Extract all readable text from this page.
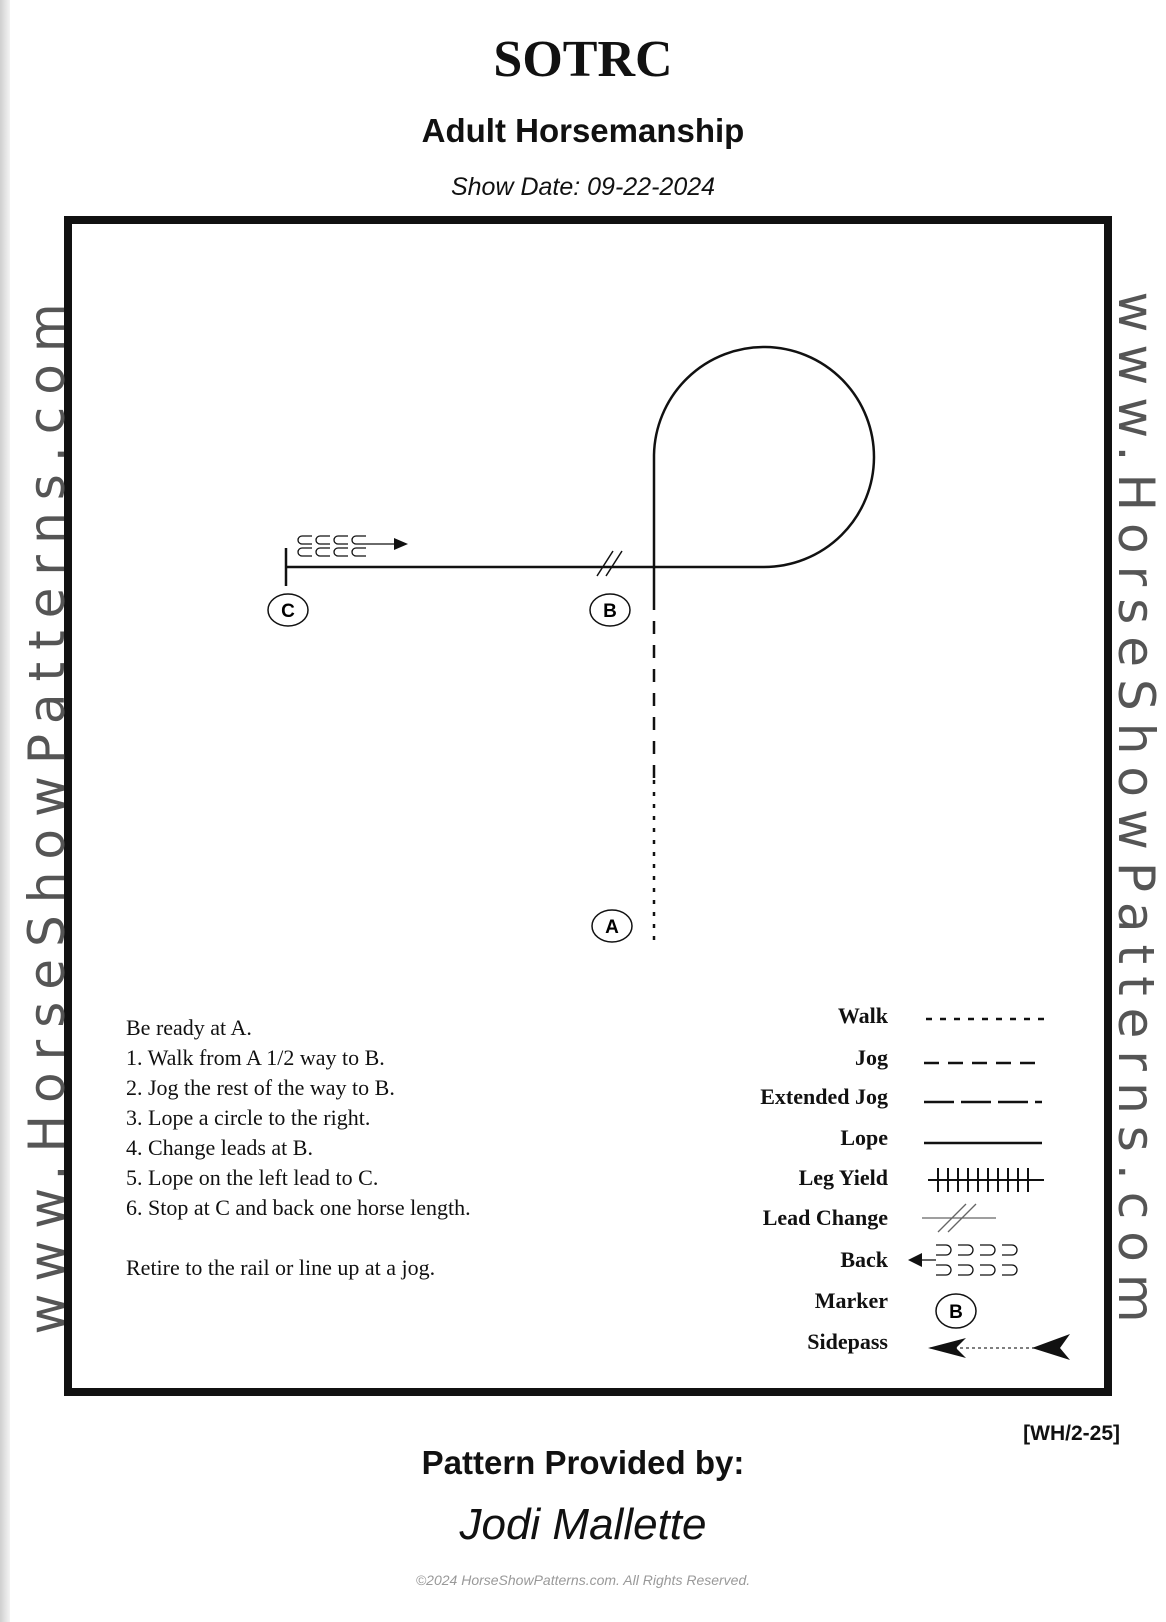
SOTRC
Adult Horsemanship
Show Date: 09-22-2024
www.HorseShowPatterns.com	www.HorseShowPatterns.com
C	B
A
B
Be ready at A.
1. Walk from A 1/2 way to B.
2. Jog the rest of the way to B.
3. Lope a circle to the right.
4. Change leads at B.
5. Lope on the left lead to C.
6. Stop at C and back one horse length.
Retire to the rail or line up at a jog.
Walk
Jog
Extended Jog
Lope
Leg Yield
Lead Change
Back
Marker
Sidepass
[WH/2-25]
Pattern Provided by:
Jodi Mallette
©2024 HorseShowPatterns.com. All Rights Reserved.
